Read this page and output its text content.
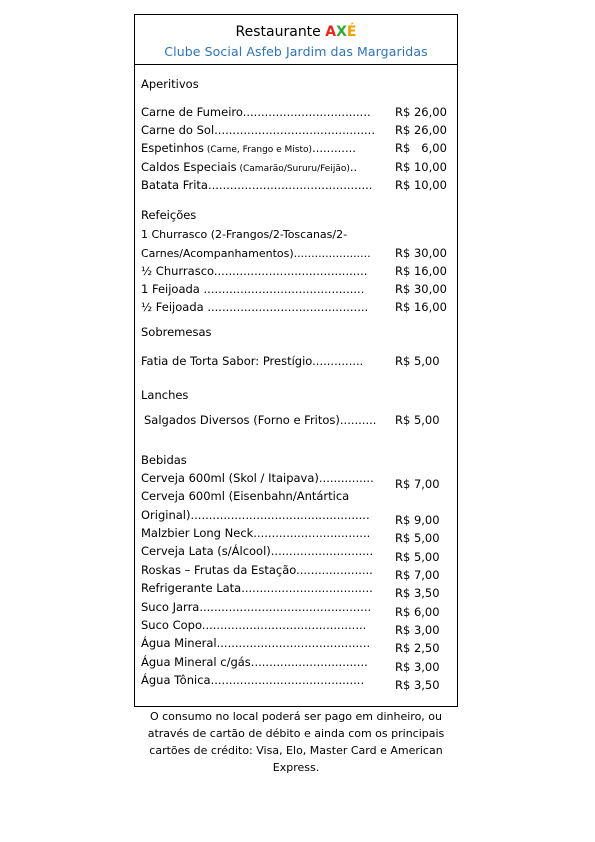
Restaurante AXÉ
Clube Social Asfeb Jardim das Margaridas
Aperitivos
Carne de Fumeiro................................... R$ 26,00
Carne do Sol............................................ R$ 26,00
Espetinhos (Carne, Frango e Misto)............	R$   6,00
Caldos Especiais (Camarão/Sururu/Feijão)..	R$ 10,00
Batata Frita............................................. R$ 10,00
Refeições
1 Churrasco (2-Frangos/2-Toscanas/2-
Carnes/Acompanhamentos)...................... R$ 30,00
½ Churrasco.......................................... R$ 16,00
1 Feijoada ............................................	R$ 30,00
½ Feijoada ............................................ R$ 16,00
Sobremesas
Fatia de Torta Sabor: Prestígio..............	R$ 5,00
Lanches
Salgados Diversos (Forno e Fritos).......... R$ 5,00
Bebidas
Cerveja 600ml (Skol / Itaipava)............... R$ 7,00
Cerveja 600ml (Eisenbahn/Antártica
Original)................................................. R$ 9,00
Malzbier Long Neck................................ R$ 5,00
Cerveja Lata (s/Álcool)............................ R$ 5,00
Roskas – Frutas da Estação..................... R$ 7,00
Refrigerante Lata.................................... R$ 3,50
Suco Jarra............................................... R$ 6,00
Suco Copo............................................. R$ 3,00
Água Mineral.......................................... R$ 2,50
Água Mineral c/gás................................ R$ 3,00
Água Tônica..........................................	R$ 3,50
O consumo no local poderá ser pago em dinheiro, ou
através de cartão de débito e ainda com os principais
cartões de crédito: Visa, Elo, Master Card e American
Express.
